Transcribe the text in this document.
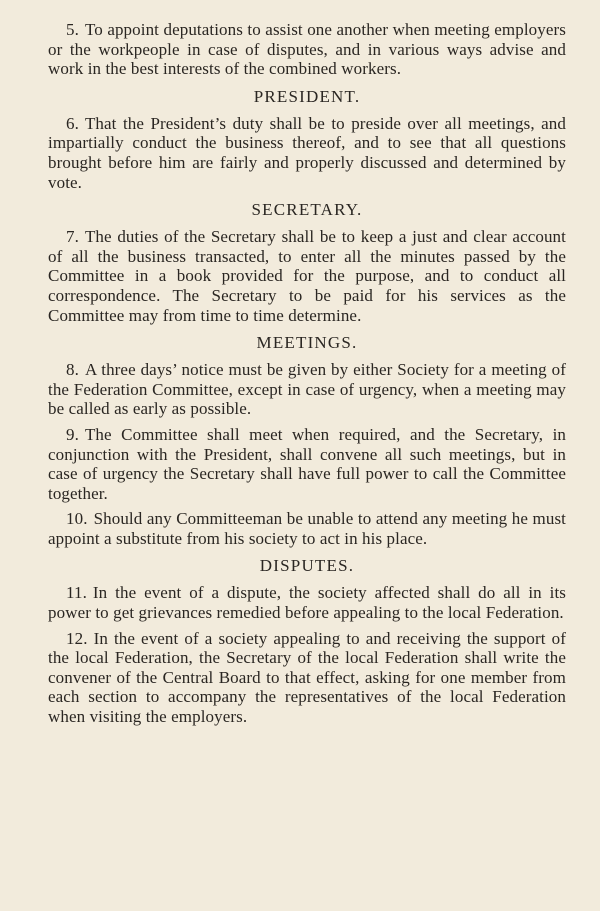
5. To appoint deputations to assist one another when meeting employers or the workpeople in case of disputes, and in various ways advise and work in the best interests of the combined workers.

PRESIDENT.

6. That the President’s duty shall be to preside over all meetings, and impartially conduct the business thereof, and to see that all questions brought before him are fairly and properly discussed and determined by vote.

SECRETARY.

7. The duties of the Secretary shall be to keep a just and clear account of all the business transacted, to enter all the minutes passed by the Committee in a book provided for the purpose, and to conduct all correspondence. The Secretary to be paid for his services as the Committee may from time to time determine.

MEETINGS.

8. A three days’ notice must be given by either Society for a meeting of the Federation Committee, except in case of urgency, when a meeting may be called as early as possible.

9. The Committee shall meet when required, and the Secretary, in conjunction with the President, shall convene all such meetings, but in case of urgency the Secretary shall have full power to call the Committee together.

10. Should any Committeeman be unable to attend any meeting he must appoint a substitute from his society to act in his place.

DISPUTES.

11. In the event of a dispute, the society affected shall do all in its power to get grievances remedied before appealing to the local Federation.

12. In the event of a society appealing to and receiving the support of the local Federation, the Secretary of the local Federation shall write the convener of the Central Board to that effect, asking for one member from each section to accompany the representatives of the local Federation when visiting the employers.
